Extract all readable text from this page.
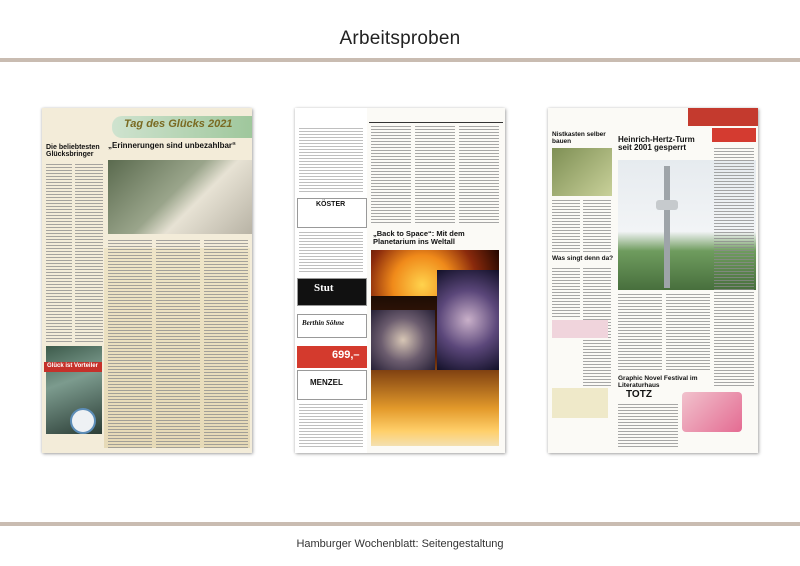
Arbeitsproben
Tag des Glücks 2021
Die beliebtesten Glücksbringer
„Erinnerungen sind unbezahlbar“
Glück ist Vorteiler
KÖSTER
Stut
Berthin Söhne
699,–
MENZEL
„Back to Space“: Mit dem Planetarium ins Weltall
Nistkasten selber bauen	Heinrich-Hertz-Turm seit 2001 gesperrt
Was singt denn da?
TOTZ
Graphic Novel Festival im Literaturhaus
Hamburger Wochenblatt: Seitengestaltung
